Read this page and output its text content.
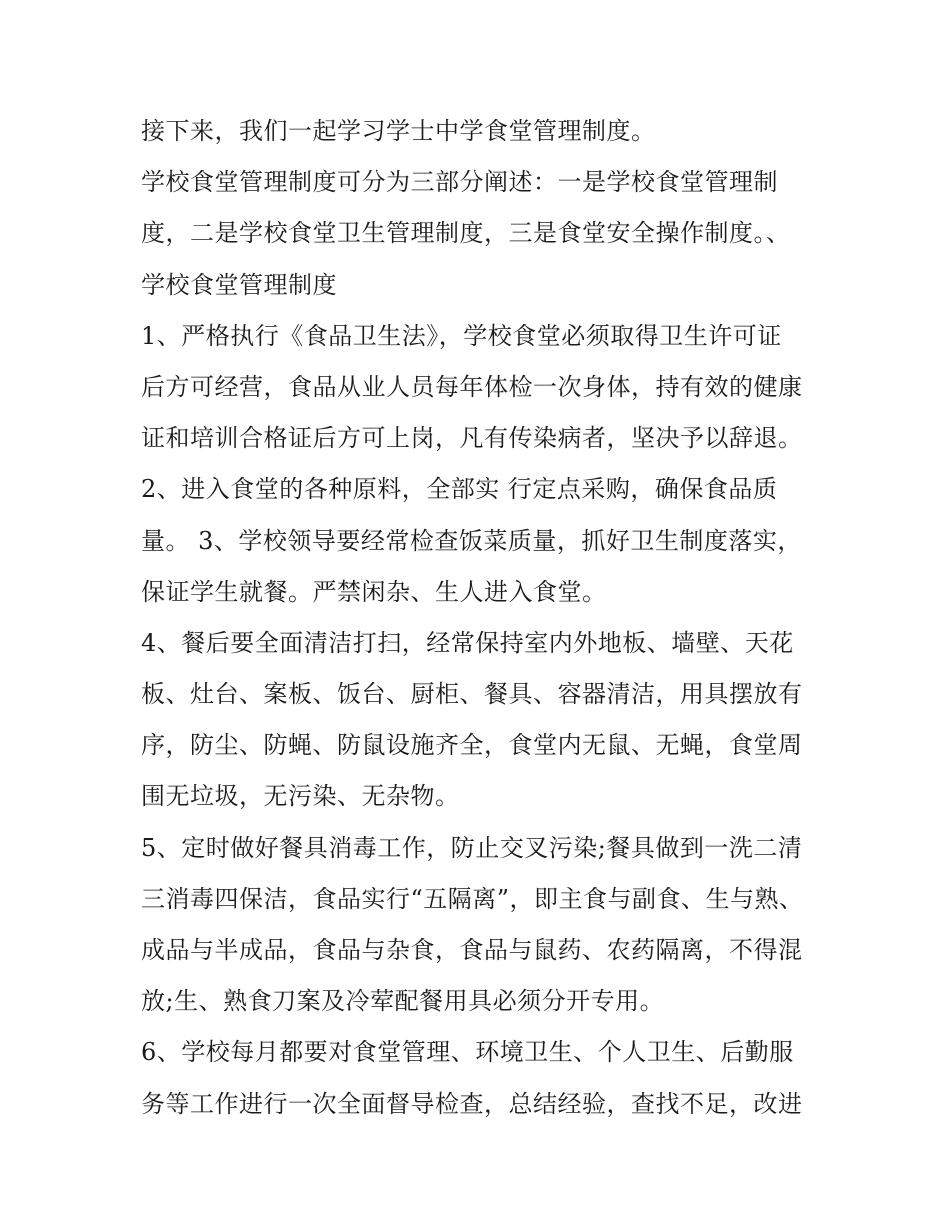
接下来，我们一起学习学士中学食堂管理制度。
学校食堂管理制度可分为三部分阐述：一是学校食堂管理制
度，二是学校食堂卫生管理制度，三是食堂安全操作制度。、
学校食堂管理制度
1、严格执行《食品卫生法》，学校食堂必须取得卫生许可证
后方可经营，食品从业人员每年体检一次身体，持有效的健康
证和培训合格证后方可上岗，凡有传染病者，坚决予以辞退。
2、进入食堂的各种原料，全部实 行定点采购，确保食品质
量。 3、学校领导要经常检查饭菜质量，抓好卫生制度落实，
保证学生就餐。严禁闲杂、生人进入食堂。
4、餐后要全面清洁打扫，经常保持室内外地板、墙壁、天花
板、灶台、案板、饭台、厨柜、餐具、容器清洁，用具摆放有
序，防尘、防蝇、防鼠设施齐全，食堂内无鼠、无蝇，食堂周
围无垃圾，无污染、无杂物。
5、定时做好餐具消毒工作，防止交叉污染;餐具做到一洗二清
三消毒四保洁，食品实行“五隔离”，即主食与副食、生与熟、
成品与半成品，食品与杂食，食品与鼠药、农药隔离，不得混
放;生、熟食刀案及冷荤配餐用具必须分开专用。
6、学校每月都要对食堂管理、环境卫生、个人卫生、后勤服
务等工作进行一次全面督导检查，总结经验，查找不足，改进
